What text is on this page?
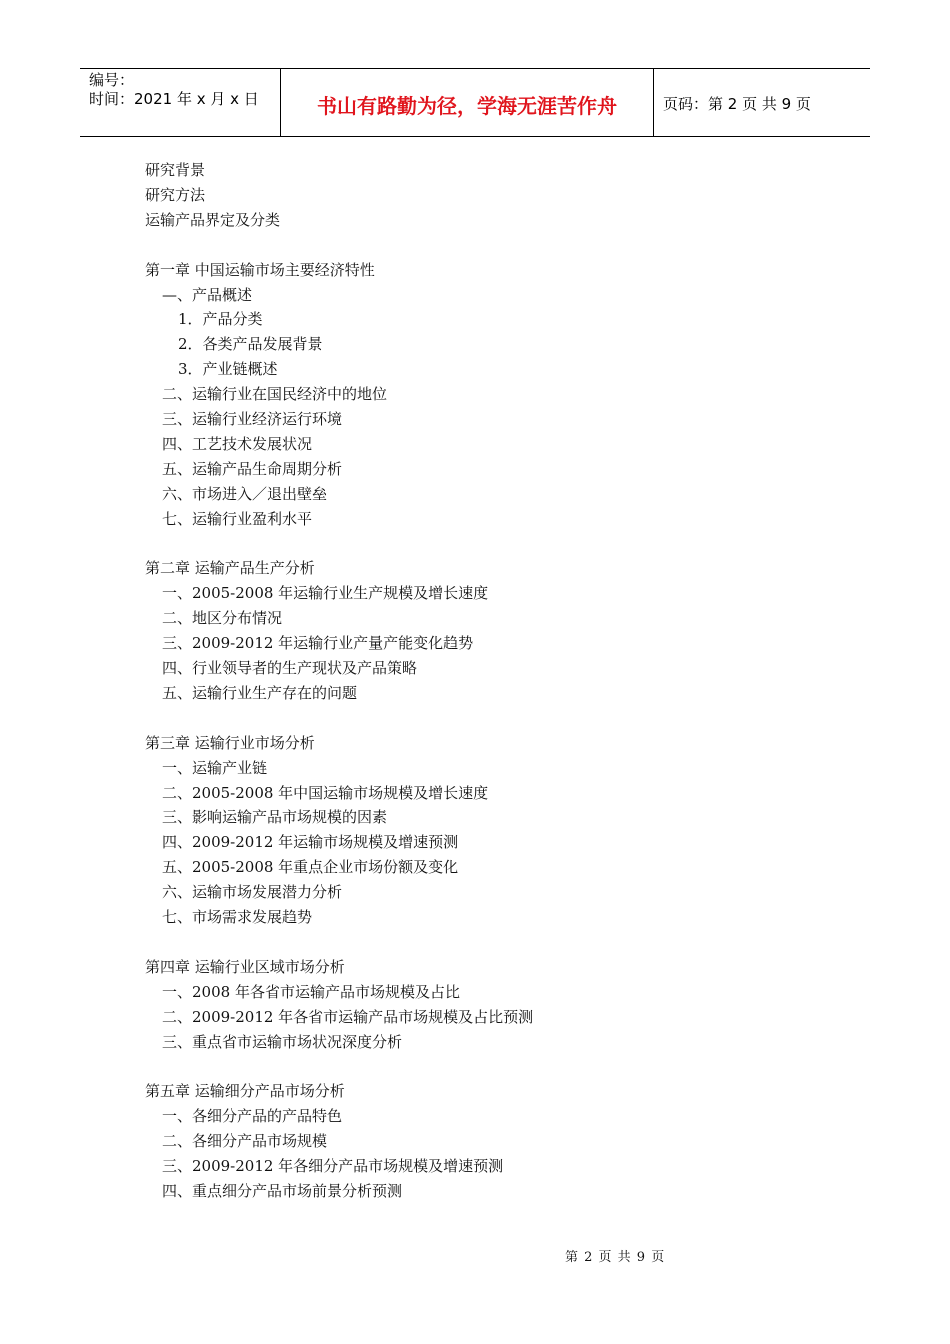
编号：
时间：2021 年 x 月 x 日	书山有路勤为径，学海无涯苦作舟	页码：第 2 页 共 9 页
研究背景
研究方法
运输产品界定及分类
第一章 中国运输市场主要经济特性
—、产品概述
1．产品分类
2．各类产品发展背景
3．产业链概述
二、运输行业在国民经济中的地位
三、运输行业经济运行环境
四、工艺技术发展状况
五、运输产品生命周期分析
六、市场进入／退出壁垒
七、运输行业盈利水平
第二章 运输产品生产分析
一、2005-2008 年运输行业生产规模及增长速度
二、地区分布情况
三、2009-2012 年运输行业产量产能变化趋势
四、行业领导者的生产现状及产品策略
五、运输行业生产存在的问题
第三章 运输行业市场分析
一、运输产业链
二、2005-2008 年中国运输市场规模及增长速度
三、影响运输产品市场规模的因素
四、2009-2012 年运输市场规模及增速预测
五、2005-2008 年重点企业市场份额及变化
六、运输市场发展潜力分析
七、市场需求发展趋势
第四章 运输行业区域市场分析
一、2008 年各省市运输产品市场规模及占比
二、2009-2012 年各省市运输产品市场规模及占比预测
三、重点省市运输市场状况深度分析
第五章 运输细分产品市场分析
一、各细分产品的产品特色
二、各细分产品市场规模
三、2009-2012 年各细分产品市场规模及增速预测
四、重点细分产品市场前景分析预测
第 2 页 共 9 页
